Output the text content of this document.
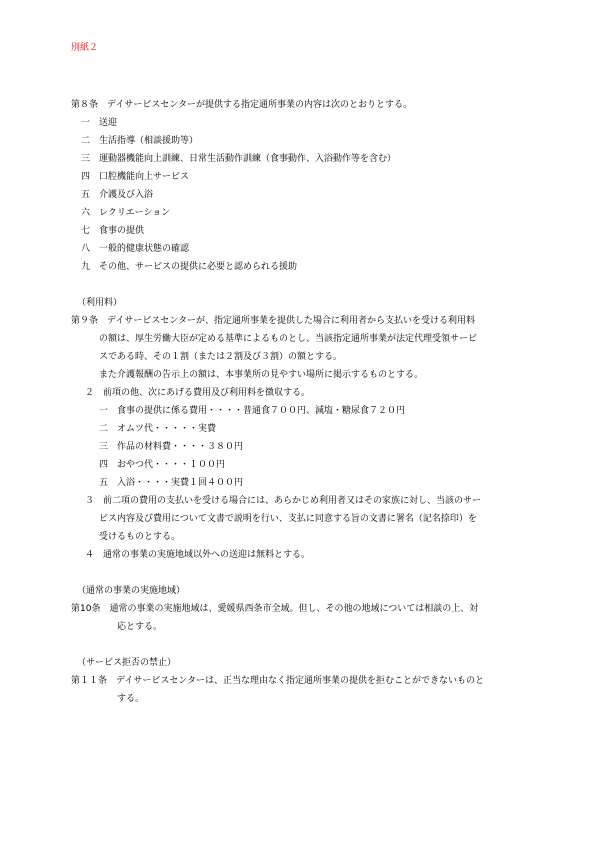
別紙２
第８条　デイサービスセンターが提供する指定通所事業の内容は次のとおりとする。
一　送迎
二　生活指導（相談援助等）
三　運動器機能向上訓練、日常生活動作訓練（食事動作、入浴動作等を含む）
四　口腔機能向上サービス
五　介護及び入浴
六　レクリエーション
七　食事の提供
八　一般的健康状態の確認
九　その他、サービスの提供に必要と認められる援助
（利用料）
第９条　デイサービスセンターが、指定通所事業を提供した場合に利用者から支払いを受ける利用料
の額は、厚生労働大臣が定める基準によるものとし、当該指定通所事業が法定代理受領サービ
スである時、その１割（または２割及び３割）の額とする。
また介護報酬の告示上の額は、本事業所の見やすい場所に掲示するものとする。
２　前項の他、次にあげる費用及び利用料を徴収する。
一　食事の提供に係る費用・・・・普通食７００円、減塩・糖尿食７２０円
二　オムツ代・・・・・実費
三　作品の材料費・・・・３８０円
四　おやつ代・・・・１００円
五　入浴・・・・実費１回４００円
３　前二項の費用の支払いを受ける場合には、あらかじめ利用者又はその家族に対し、当該のサー
ビス内容及び費用について文書で説明を行い、支払に同意する旨の文書に署名（記名捺印）を
受けるものとする。
４　通常の事業の実施地域以外への送迎は無料とする。
（通常の事業の実施地域）
第10条　通常の事業の実施地域は、愛媛県西条市全域。但し、その他の地域については相談の上、対
応とする。
（サービス拒否の禁止）
第１１条　デイサービスセンターは、正当な理由なく指定通所事業の提供を拒むことができないものと
する。
